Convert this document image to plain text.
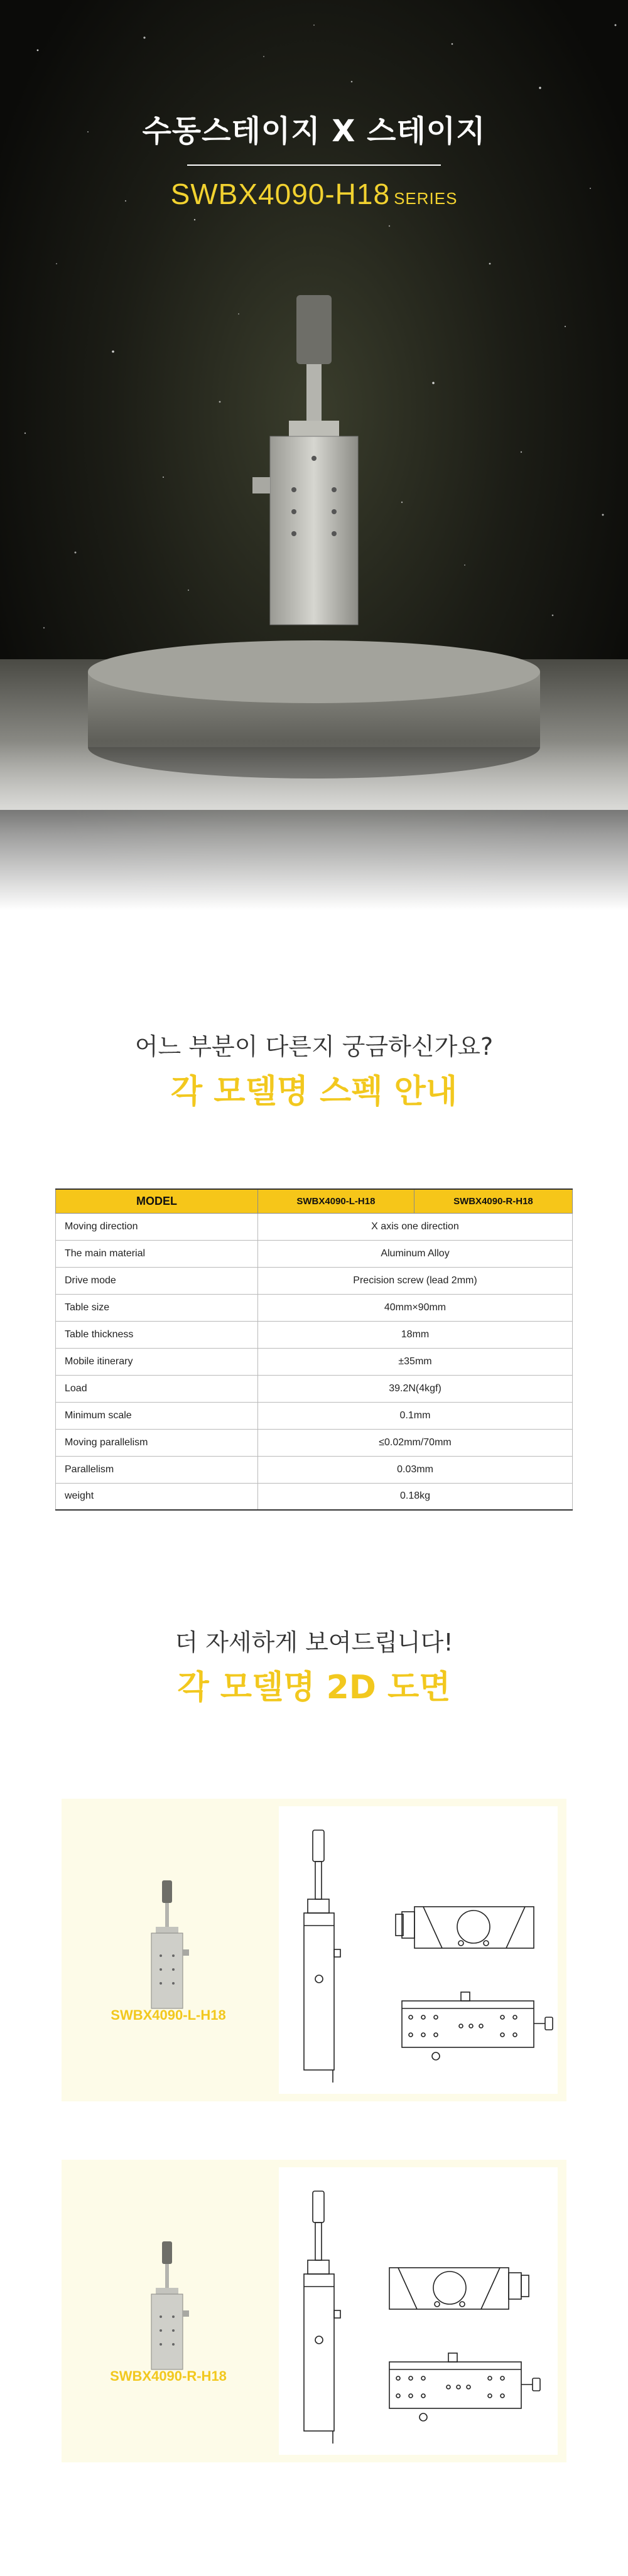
수동스테이지 X 스테이지
SWBX4090-H18 SERIES
어느 부분이 다른지 궁금하신가요?
각 모델명 스펙 안내
MODEL	SWBX4090-L-H18	SWBX4090-R-H18
Moving direction	X axis one direction	
The main material	Aluminum Alloy	
Drive mode	Precision screw (lead 2mm)	
Table size	40mm×90mm	
Table thickness	18mm	
Mobile itinerary	±35mm	
Load	39.2N(4kgf)	
Minimum scale	0.1mm	
Moving parallelism	≤0.02mm/70mm	
Parallelism	0.03mm	
weight	0.18kg	
더 자세하게 보여드립니다!
각 모델명 2D 도면
SWBX4090-L-H18
SWBX4090-R-H18
